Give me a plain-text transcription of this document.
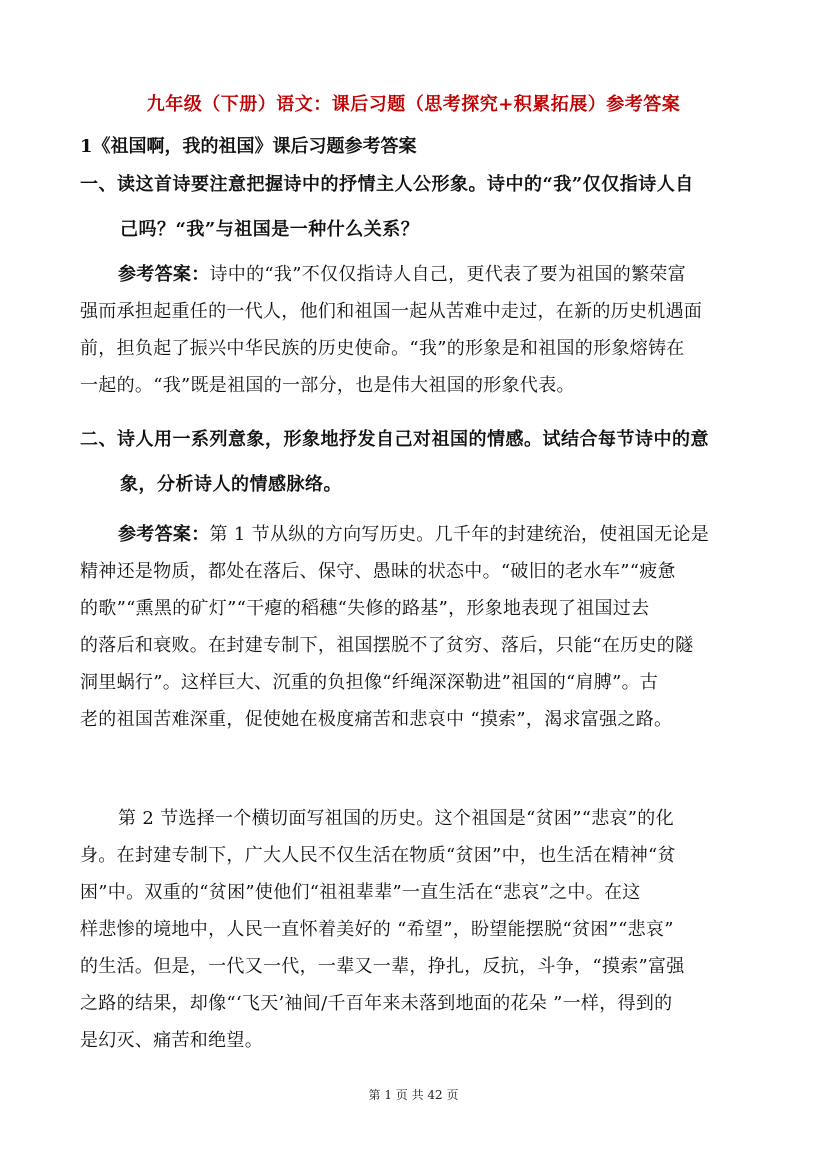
九年级（下册）语文：课后习题（思考探究+积累拓展）参考答案
1《祖国啊，我的祖国》课后习题参考答案
一、读这首诗要注意把握诗中的抒情主人公形象。诗中的“我”仅仅指诗人自
己吗？“我”与祖国是一种什么关系？
参考答案：诗中的“我”不仅仅指诗人自己，更代表了要为祖国的繁荣富
强而承担起重任的一代人，他们和祖国一起从苦难中走过，在新的历史机遇面
前，担负起了振兴中华民族的历史使命。“我”的形象是和祖国的形象熔铸在
一起的。“我”既是祖国的一部分，也是伟大祖国的形象代表。
二、诗人用一系列意象，形象地抒发自己对祖国的情感。试结合每节诗中的意
象，分析诗人的情感脉络。
参考答案：第 1 节从纵的方向写历史。几千年的封建统治，使祖国无论是
精神还是物质，都处在落后、保守、愚昧的状态中。“破旧的老水车”“疲惫
的歌”“熏黑的矿灯”“干瘪的稻穗“失修的路基”，形象地表现了祖国过去
的落后和衰败。在封建专制下，祖国摆脱不了贫穷、落后，只能“在历史的隧
洞里蜗行”。这样巨大、沉重的负担像“纤绳深深勒进”祖国的“肩膊”。古
老的祖国苦难深重，促使她在极度痛苦和悲哀中 “摸索”，渴求富强之路。
第 2 节选择一个横切面写祖国的历史。这个祖国是“贫困”“悲哀”的化
身。在封建专制下，广大人民不仅生活在物质“贫困”中，也生活在精神“贫
困”中。双重的“贫困”使他们“祖祖辈辈”一直生活在“悲哀”之中。在这
样悲惨的境地中，人民一直怀着美好的 “希望”，盼望能摆脱“贫困”“悲哀”
的生活。但是，一代又一代，一辈又一辈，挣扎，反抗，斗争，“摸索”富强
之路的结果，却像“‘飞天’袖间/千百年来未落到地面的花朵 ”一样，得到的
是幻灭、痛苦和绝望。
第 1 页 共 42 页
